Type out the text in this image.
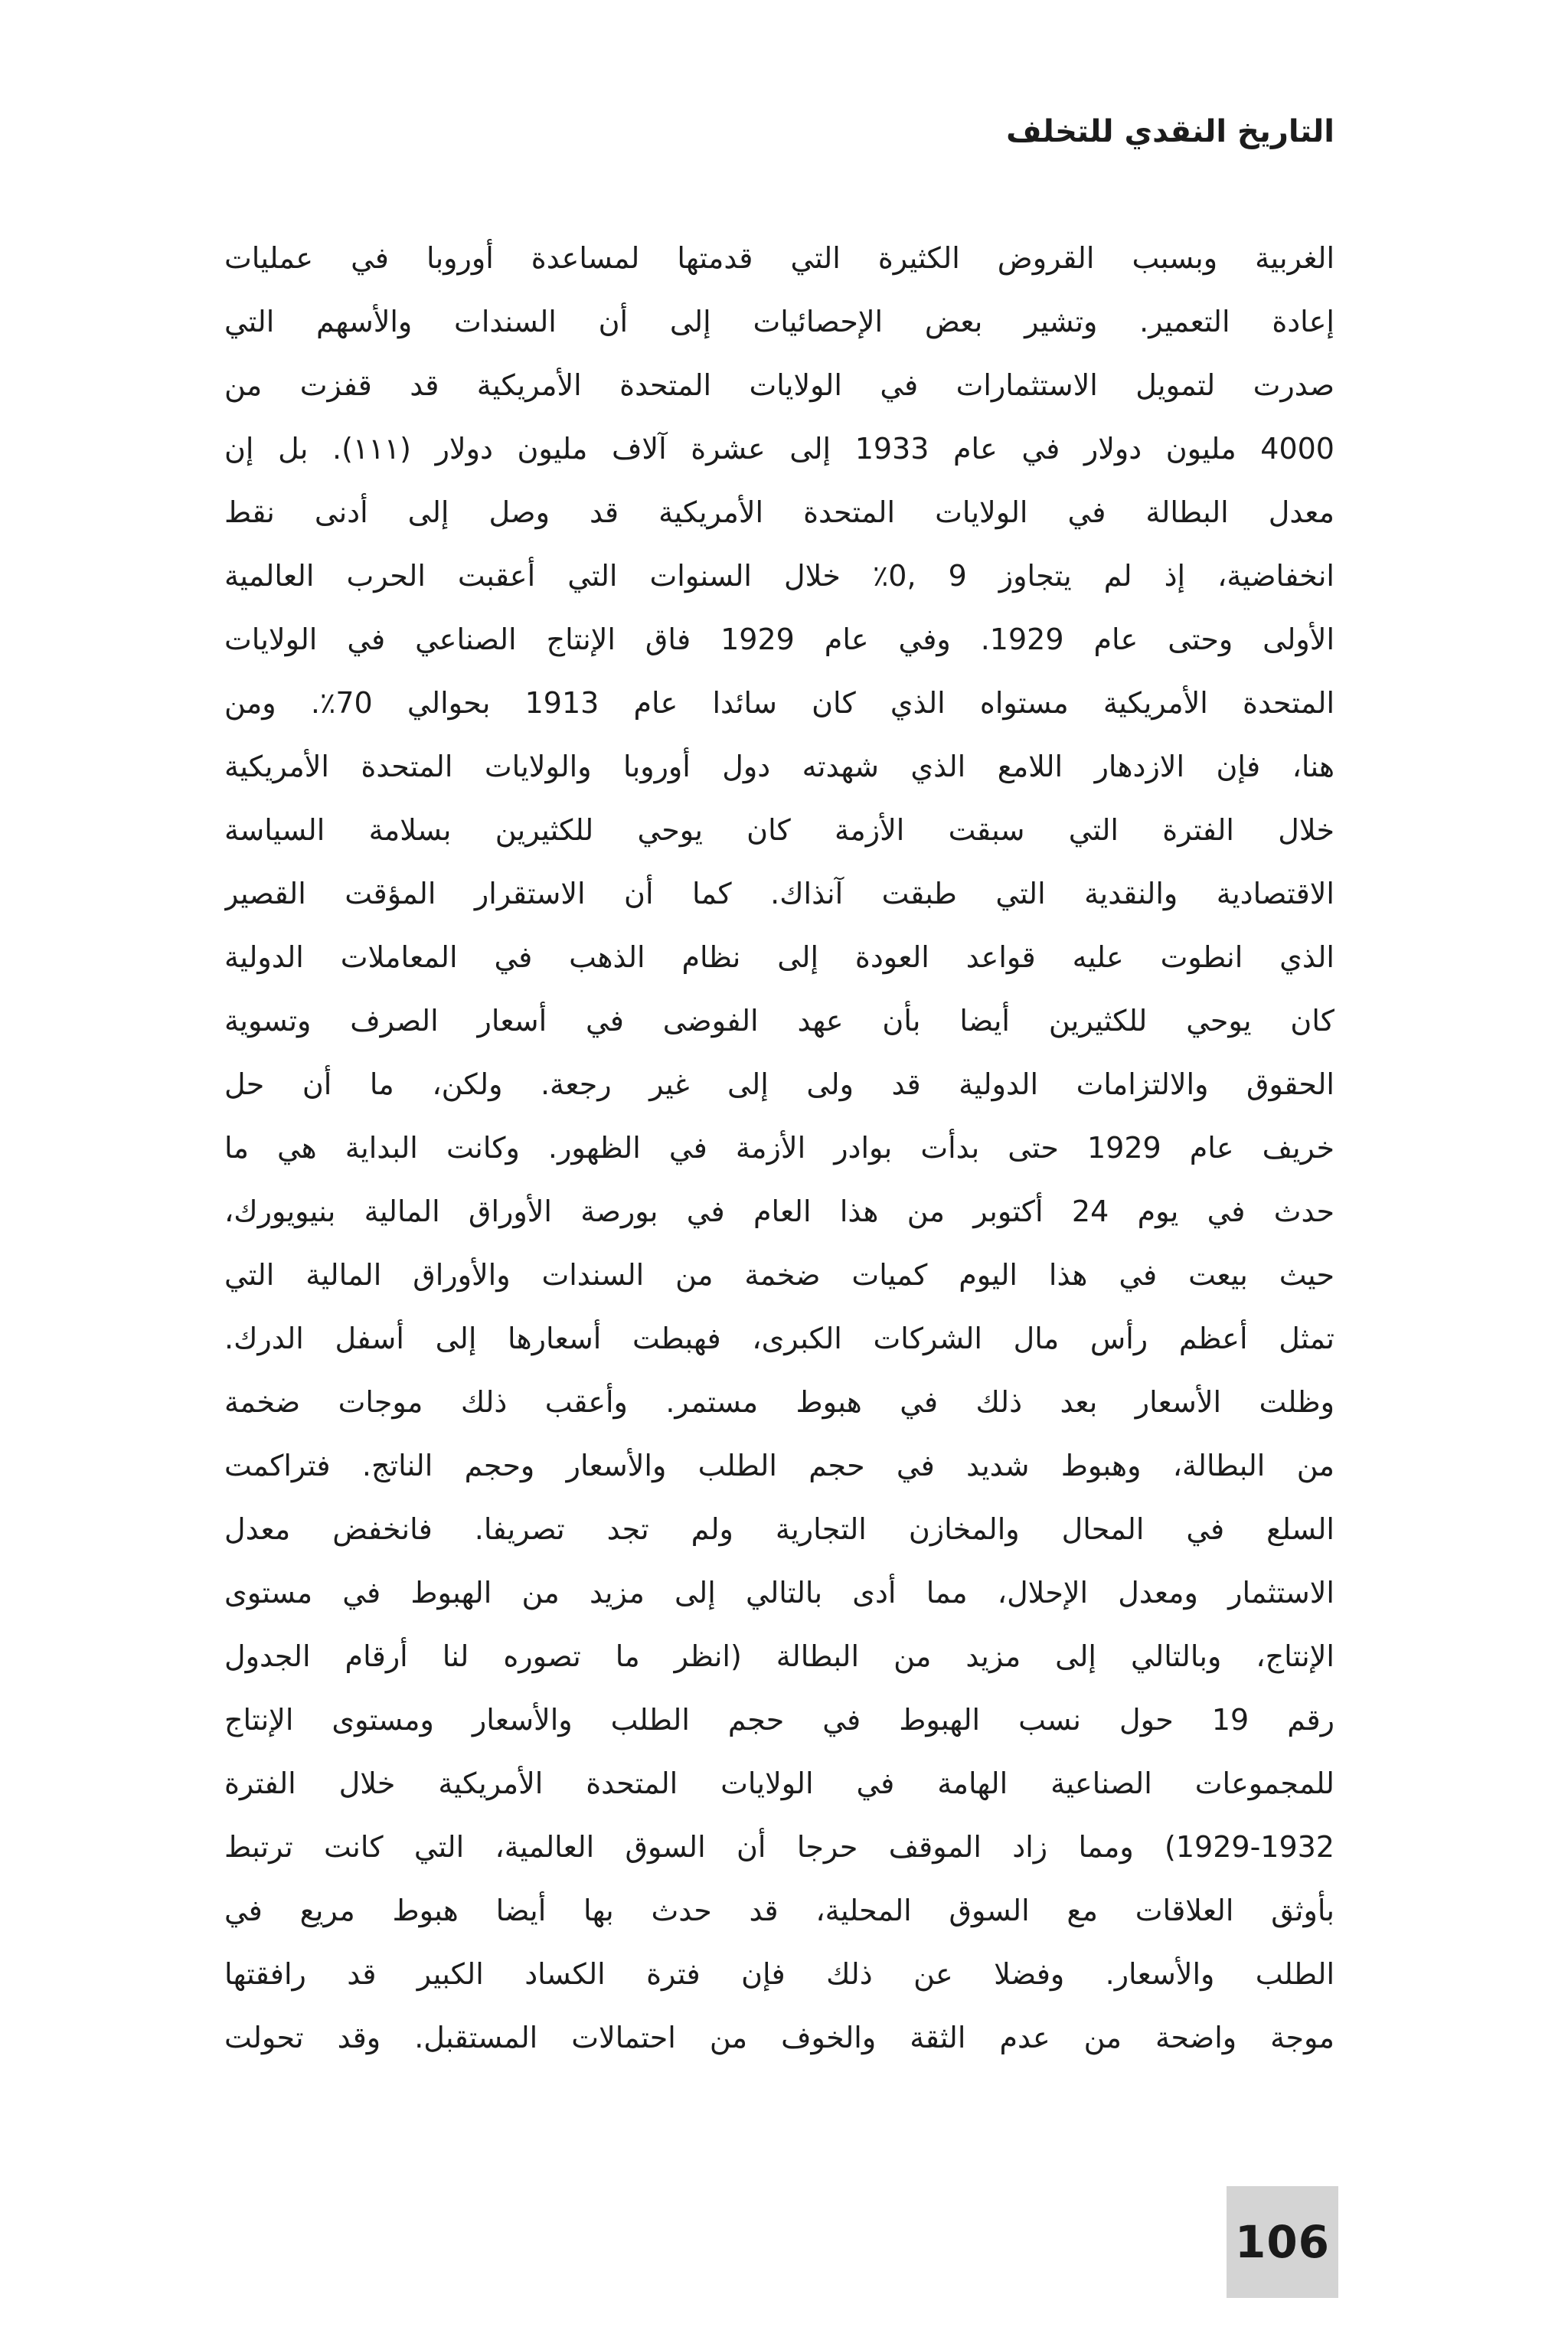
التاريخ النقدي للتخلف
الغربية وبسبب القروض الكثيرة التي قدمتها لمساعدة أوروبا في عمليات
إعادة التعمير. وتشير بعض الإحصائيات إلى أن السندات والأسهم التي
صدرت لتمويل الاستثمارات في الولايات المتحدة الأمريكية قد قفزت من
4000 مليون دولار في عام 1933 إلى عشرة آلاف مليون دولار (١١١). بل إن
معدل البطالة في الولايات المتحدة الأمريكية قد وصل إلى أدنى نقط
انخفاضية، إذ لم يتجاوز 9 ,0٪ خلال السنوات التي أعقبت الحرب العالمية
الأولى وحتى عام 1929. وفي عام 1929 فاق الإنتاج الصناعي في الولايات
المتحدة الأمريكية مستواه الذي كان سائدا عام 1913 بحوالي 70٪. ومن
هنا، فإن الازدهار اللامع الذي شهدته دول أوروبا والولايات المتحدة الأمريكية
خلال الفترة التي سبقت الأزمة كان يوحي للكثيرين بسلامة السياسة
الاقتصادية والنقدية التي طبقت آنذاك. كما أن الاستقرار المؤقت القصير
الذي انطوت عليه قواعد العودة إلى نظام الذهب في المعاملات الدولية
كان يوحي للكثيرين أيضا بأن عهد الفوضى في أسعار الصرف وتسوية
الحقوق والالتزامات الدولية قد ولى إلى غير رجعة. ولكن، ما أن حل
خريف عام 1929 حتى بدأت بوادر الأزمة في الظهور. وكانت البداية هي ما
حدث في يوم 24 أكتوبر من هذا العام في بورصة الأوراق المالية بنيويورك،
حيث بيعت في هذا اليوم كميات ضخمة من السندات والأوراق المالية التي
تمثل أعظم رأس مال الشركات الكبرى، فهبطت أسعارها إلى أسفل الدرك.
وظلت الأسعار بعد ذلك في هبوط مستمر. وأعقب ذلك موجات ضخمة
من البطالة، وهبوط شديد في حجم الطلب والأسعار وحجم الناتج. فتراكمت
السلع في المحال والمخازن التجارية ولم تجد تصريفا. فانخفض معدل
الاستثمار ومعدل الإحلال، مما أدى بالتالي إلى مزيد من الهبوط في مستوى
الإنتاج، وبالتالي إلى مزيد من البطالة (انظر ما تصوره لنا أرقام الجدول
رقم 19 حول نسب الهبوط في حجم الطلب والأسعار ومستوى الإنتاج
للمجموعات الصناعية الهامة في الولايات المتحدة الأمريكية خلال الفترة
1929-1932) ومما زاد الموقف حرجا أن السوق العالمية، التي كانت ترتبط
بأوثق العلاقات مع السوق المحلية، قد حدث بها أيضا هبوط مريع في
الطلب والأسعار. وفضلا عن ذلك فإن فترة الكساد الكبير قد رافقتها
موجة واضحة من عدم الثقة والخوف من احتمالات المستقبل. وقد تحولت
106
